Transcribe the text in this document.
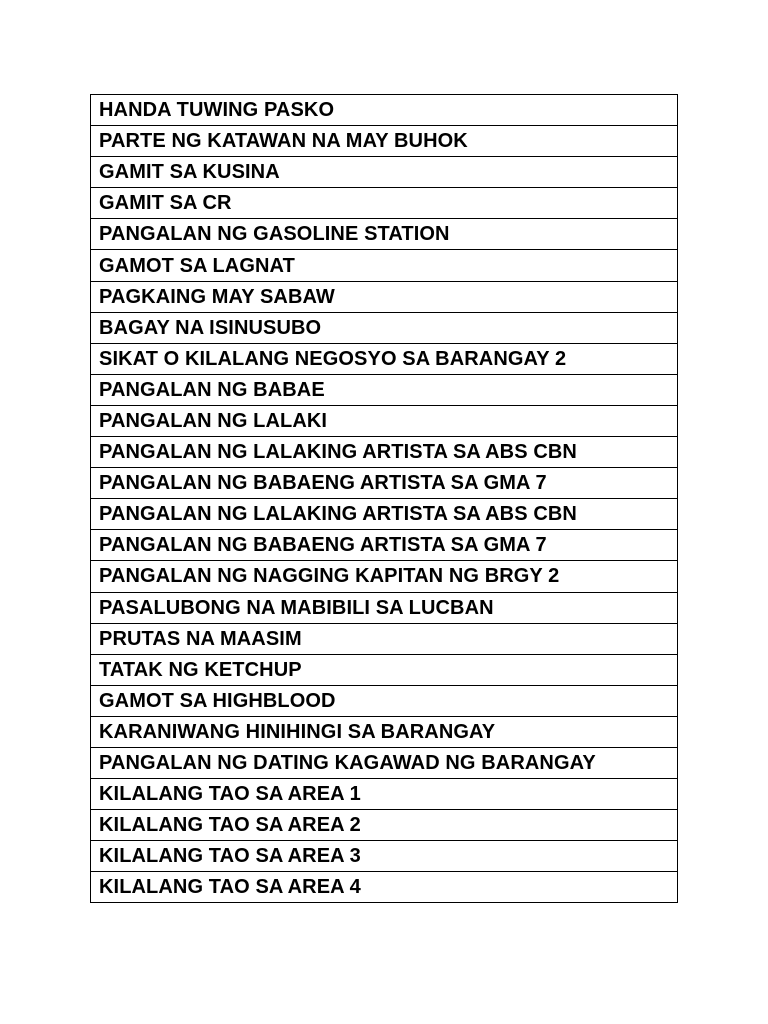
HANDA TUWING PASKO
PARTE NG KATAWAN NA MAY BUHOK
GAMIT SA KUSINA
GAMIT SA CR
PANGALAN NG GASOLINE STATION
GAMOT SA LAGNAT
PAGKAING MAY SABAW
BAGAY NA ISINUSUBO
SIKAT O KILALANG NEGOSYO SA BARANGAY 2
PANGALAN NG BABAE
PANGALAN NG LALAKI
PANGALAN NG LALAKING ARTISTA SA ABS CBN
PANGALAN NG BABAENG ARTISTA SA GMA 7
PANGALAN NG LALAKING ARTISTA SA ABS CBN
PANGALAN NG BABAENG ARTISTA SA GMA 7
PANGALAN NG NAGGING KAPITAN NG BRGY 2
PASALUBONG NA MABIBILI SA LUCBAN
PRUTAS NA MAASIM
TATAK NG KETCHUP
GAMOT SA HIGHBLOOD
KARANIWANG HINIHINGI SA BARANGAY
PANGALAN NG DATING KAGAWAD NG BARANGAY
KILALANG TAO SA AREA 1
KILALANG TAO SA AREA 2
KILALANG TAO SA AREA 3
KILALANG TAO SA AREA 4
